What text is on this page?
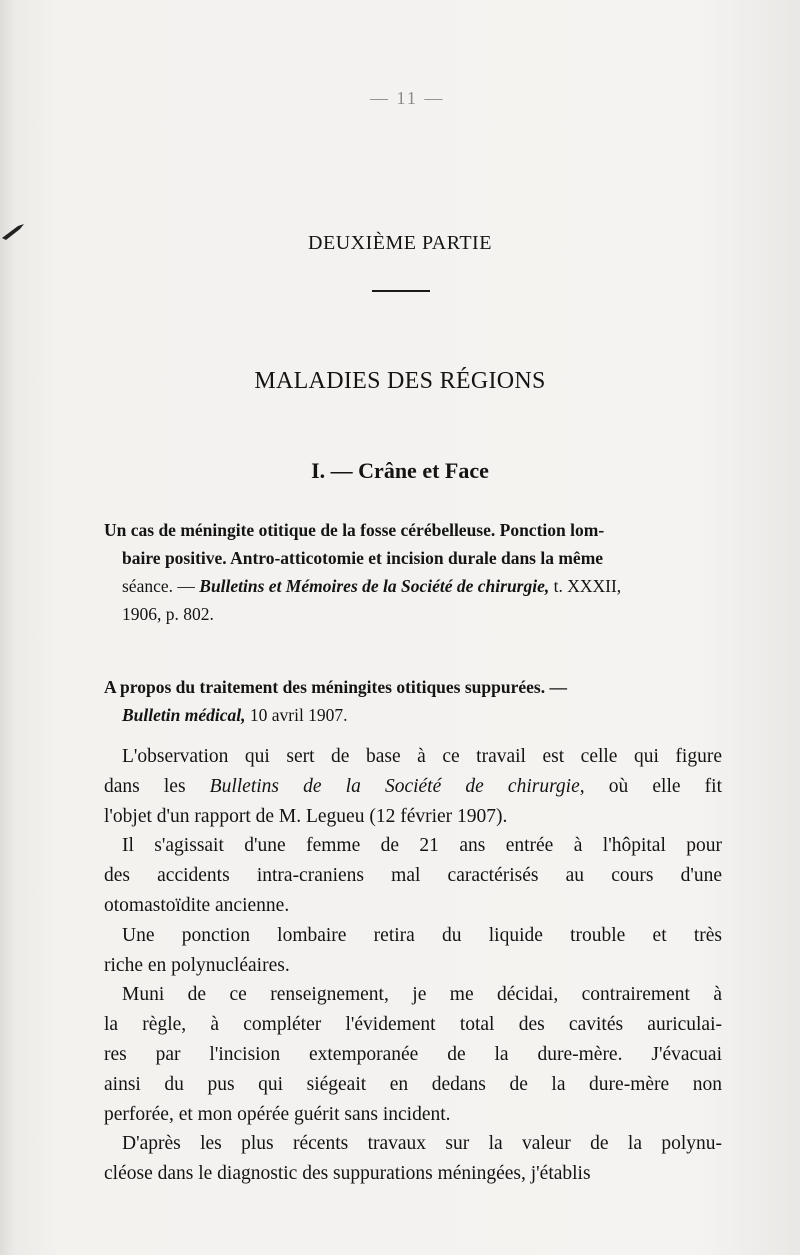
— 11 —
DEUXIÈME PARTIE
MALADIES DES RÉGIONS
I. — Crâne et Face
Un cas de méningite otitique de la fosse cérébelleuse. Ponction lom-
baire positive. Antro-atticotomie et incision durale dans la même
séance. — Bulletins et Mémoires de la Société de chirurgie, t. XXXII,
1906, p. 802.
A propos du traitement des méningites otitiques suppurées. —
Bulletin médical, 10 avril 1907.

L'observation qui sert de base à ce travail est celle qui figure
dans les Bulletins de la Société de chirurgie, où elle fit
l'objet d'un rapport de M. Legueu (12 février 1907).

Il s'agissait d'une femme de 21 ans entrée à l'hôpital pour
des accidents intra-craniens mal caractérisés au cours d'une
otomastoïdite ancienne.

Une ponction lombaire retira du liquide trouble et très
riche en polynucléaires.

Muni de ce renseignement, je me décidai, contrairement à
la règle, à compléter l'évidement total des cavités auriculai-
res par l'incision extemporanée de la dure-mère. J'évacuai
ainsi du pus qui siégeait en dedans de la dure-mère non
perforée, et mon opérée guérit sans incident.

D'après les plus récents travaux sur la valeur de la polynu-
cléose dans le diagnostic des suppurations méningées, j'établis
